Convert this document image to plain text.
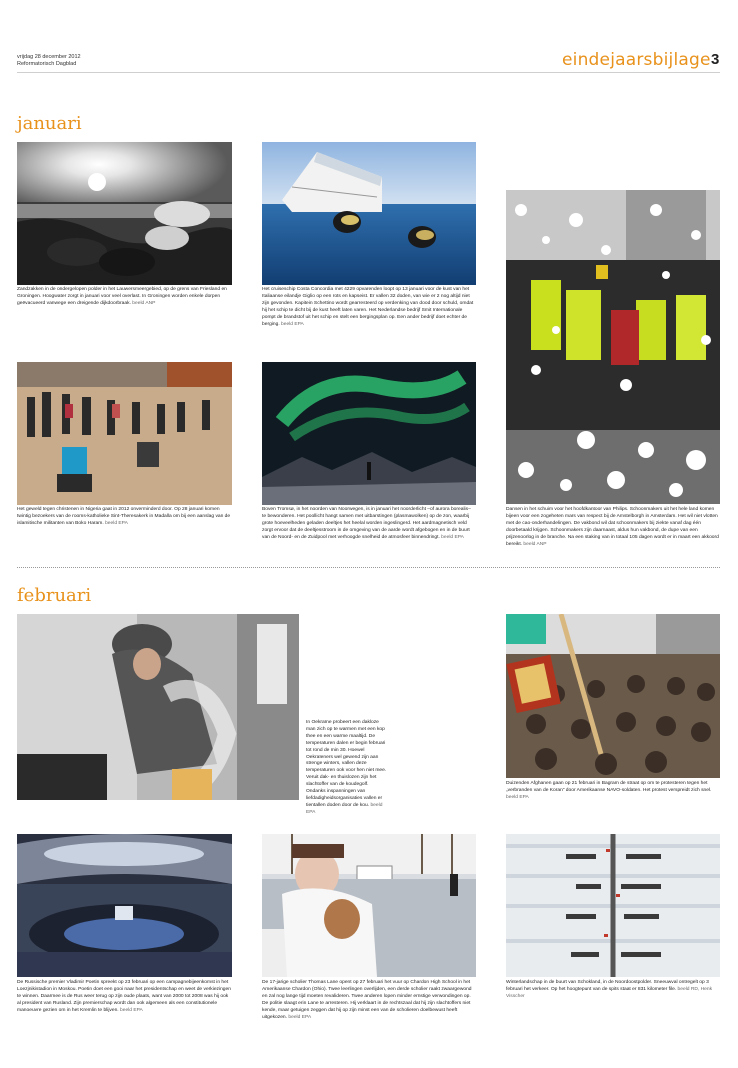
vrijdag 28 december 2012
Reformatorisch Dagblad	eindejaarsbijlage 3
januari
Zandzakken in de ondergelopen polder in het Lauwersmeergebied, op de grens van Friesland en Groningen. Hoogwater zorgt in januari voor veel overlast. In Groningen worden enkele dorpen geëvacueerd vanwege een dreigende dijkdoorbraak. beeld ANP
Het cruiseschip Costa Concordia met 4229 opvarenden loopt op 13 januari voor de kust van het Italiaanse eilandje Giglio op een rots en kapseist. Er vallen 32 doden, van wie er 2 nog altijd niet zijn gevonden. Kapitein Schettino wordt gearresteerd op verdenking van dood door schuld, omdat hij het schip te dicht bij de kust heeft laten varen. Het Nederlandse bedrijf Smit Internationale pompt de brandstof uit het schip en stelt een bergingsplan op. Een ander bedrijf doet echter de berging. beeld EPA
Dansen in het schuim voor het hoofdkantoor van Philips. Schoonmakers uit het hele land komen bijeen voor een zogeheten mars van respect bij de Amstelborgh in Amsterdam. Het wil niet vlotten met de cao-onderhandelingen. De vakbond wil dat schoonmakers bij ziekte vanaf dag één doorbetaald krijgen. Schoonmakers zijn daarnaast, aldus hun vakbond, de dupe van een prijzenoorlog in de branche. Na een staking van in totaal 105 dagen wordt er in maart een akkoord bereikt. beeld ANP
Het geweld tegen christenen in Nigeria gaat in 2012 onverminderd door. Op 28 januari komen twintig bezoekers van de rooms-katholieke Sint-Theresakerk in Madalla om bij een aanslag van de islamitische militanten van Boko Haram. beeld EPA
Boven Tromsø, in het noorden van Noorwegen, is in januari het noorderlicht –of aurora borealis– te bewonderen. Het poollicht hangt samen met uitbarstingen (plasmawolken) op de zon, waarbij grote hoeveelheden geladen deeltjes het heelal worden ingeslingerd. Het aardmagnetisch veld zorgt ervoor dat de deeltjesstroom in de omgeving van de aarde wordt afgebogen en in de buurt van de Noord- en de Zuidpool met verhoogde snelheid de atmosfeer binnendringt. beeld EPA
februari
In Oekraïne probeert een dakloze man zich op te warmen met een kop thee en een warme maaltijd. De temperaturen dalen er begin februari tot rond de min 30. Hoewel Oekraïeners wel gewend zijn aan strenge winters, vallen deze temperaturen ook voor hen niet mee. Veruit dak- en thuislozen zijn het slachtoffer van de koudegolf. Ondanks inspanningen van liefdadigheidsorganisaties vallen er tientallen doden door de kou. beeld EPA
Duizenden Afghanen gaan op 21 februari in Bagram de straat op om te protesteren tegen het „verbranden van de Koran” door Amerikaanse NAVO-soldaten. Het protest verspreidt zich snel. beeld EPA
De Russische premier Vladimir Poetin spreekt op 23 februari op een campagnebijeenkomst in het Loezjnikistadion in Moskou. Poetin doet een gooi naar het presidentschap en weet de verkiezingen te winnen. Daarmee is de Rus weer terug op zijn oude plaats, want van 2000 tot 2008 was hij ook al president van Rusland. Zijn premierschap wordt dan ook algemeen als een constitutionele manoeuvre gezien om in het Kremlin te blijven. beeld EPA
De 17-jarige scholier Thomas Lane opent op 27 februari het vuur op Chardon High School in het Amerikaanse Chardon (Ohio). Twee leerlingen overlijden, een derde scholier raakt zwaargewond en zal nog lange tijd moeten revalideren. Twee anderen lopen minder ernstige verwondingen op. De politie slaagt erin Lane te arresteren. Hij verklaart in de rechtszaal dat hij zijn slachtoffers niet kende, maar getuigen zeggen dat hij op zijn minst een van de scholieren doelbewust heeft uitgekozen. beeld EPA
Winterlandschap in de buurt van Schokland, in de Noordoostpolder. Sneeuwval ontregelt op 3 februari het verkeer. Op het hoogtepunt van de spits staat er 831 kilometer file. beeld RD, Henk Visscher
